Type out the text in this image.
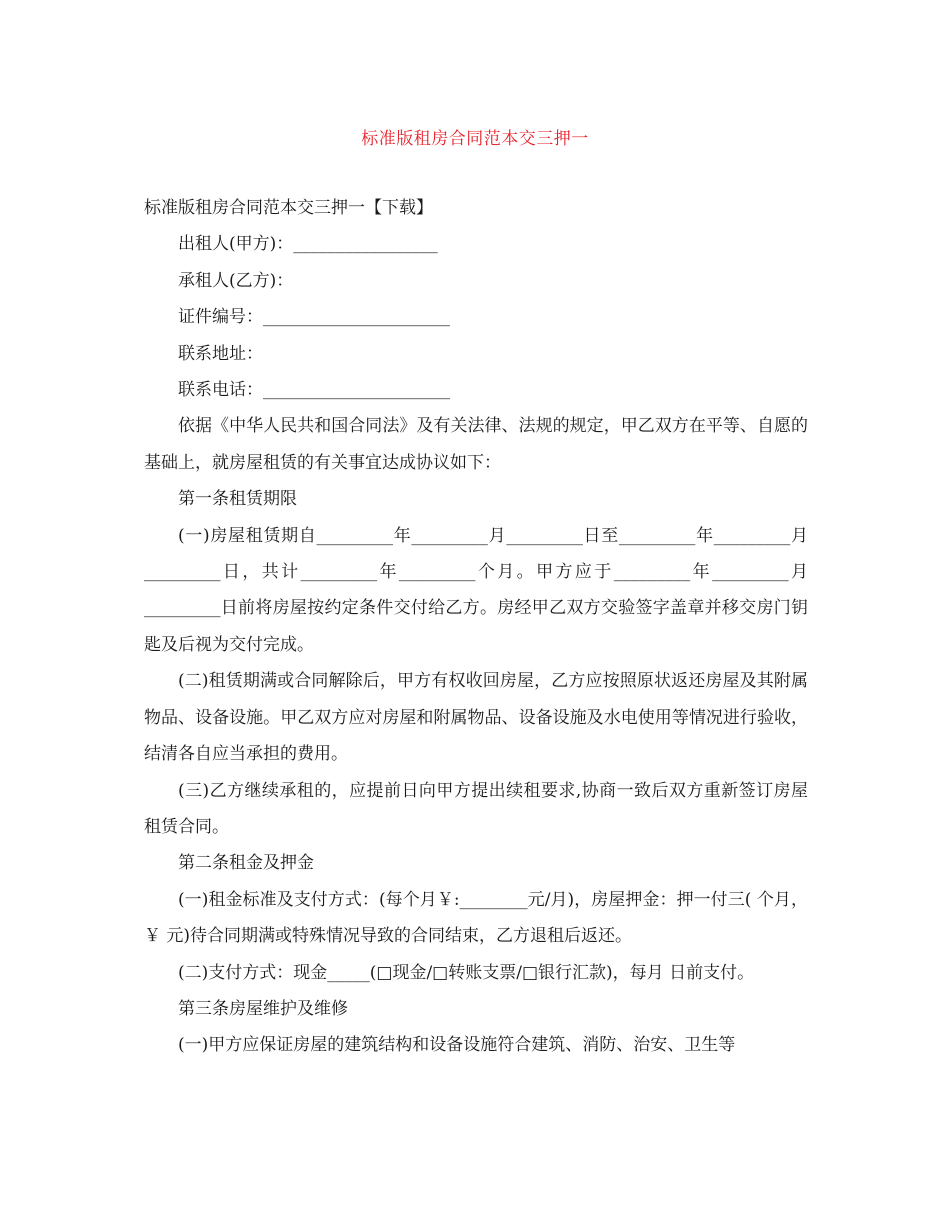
标准版租房合同范本交三押一

标准版租房合同范本交三押一【下载】

出租人(甲方)：_________________

承租人(乙方)：

证件编号：______________________

联系地址：

联系电话：______________________

依据《中华人民共和国合同法》及有关法律、法规的规定，甲乙双方在平等、自愿的基础上，就房屋租赁的有关事宜达成协议如下：

第一条租赁期限

(一)房屋租赁期自_________年_________月_________日至_________年_________月_________日，共计_________年_________个月。甲方应于_________年_________月_________日前将房屋按约定条件交付给乙方。房经甲乙双方交验签字盖章并移交房门钥匙及后视为交付完成。

(二)租赁期满或合同解除后，甲方有权收回房屋，乙方应按照原状返还房屋及其附属物品、设备设施。甲乙双方应对房屋和附属物品、设备设施及水电使用等情况进行验收，结清各自应当承担的费用。

(三)乙方继续承租的，应提前日向甲方提出续租要求,协商一致后双方重新签订房屋租赁合同。

第二条租金及押金

(一)租金标准及支付方式：(每个月￥:________元/月)，房屋押金：押一付三( 个月，￥ 元)待合同期满或特殊情况导致的合同结束，乙方退租后返还。

(二)支付方式：现金_____(□现金/□转账支票/□银行汇款)，每月 日前支付。

第三条房屋维护及维修

(一)甲方应保证房屋的建筑结构和设备设施符合建筑、消防、治安、卫生等
